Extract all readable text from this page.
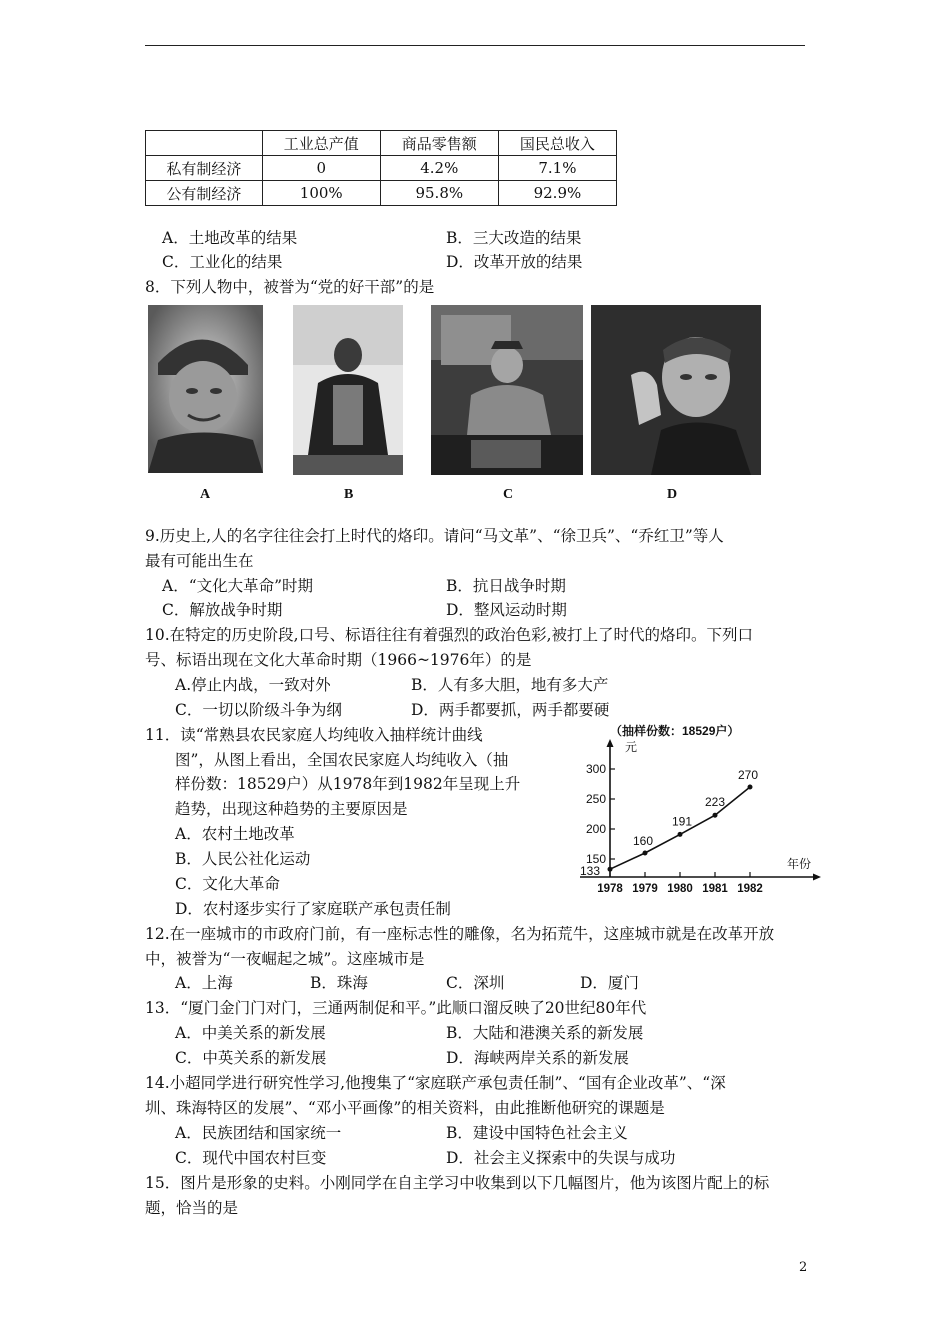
	工业总产值	商品零售额	国民总收入
私有制经济	0	4.2%	7.1%
公有制经济	100%	95.8%	92.9%
A．土地改革的结果	B．三大改造的结果
C．工业化的结果	D．改革开放的结果
8．下列人物中，被誉为“党的好干部”的是
A	B	C	D
9.历史上,人的名字往往会打上时代的烙印。请问“马文革”、“徐卫兵”、“乔红卫”等人
最有可能出生在
A．“文化大革命”时期	B．抗日战争时期
C．解放战争时期	D．整风运动时期
10.在特定的历史阶段,口号、标语往往有着强烈的政治色彩,被打上了时代的烙印。下列口
号、标语出现在文化大革命时期（1966~1976年）的是
A.停止内战，一致对外	B．人有多大胆，地有多大产
C．一切以阶级斗争为纲	D．两手都要抓，两手都要硬
11．读“常熟县农民家庭人均纯收入抽样统计曲线
图”，从图上看出，全国农民家庭人均纯收入（抽
样份数：18529户）从1978年到1982年呈现上升
趋势，出现这种趋势的主要原因是
A．农村土地改革
B．人民公社化运动
C．文化大革命
D．农村逐步实行了家庭联产承包责任制
（抽样份数：18529户）
元
年份
150
200
250
300
1978 1979 1980 1981 1982
133
160
191
223
270
12.在一座城市的市政府门前，有一座标志性的雕像，名为拓荒牛，这座城市就是在改革开放
中，被誉为“一夜崛起之城”。这座城市是
A．上海	B．珠海	C．深圳	D．厦门
13．“厦门金门门对门，三通两制促和平。”此顺口溜反映了20世纪80年代
A．中美关系的新发展	B．大陆和港澳关系的新发展
C．中英关系的新发展	D．海峡两岸关系的新发展
14.小超同学进行研究性学习,他搜集了“家庭联产承包责任制”、“国有企业改革”、“深
圳、珠海特区的发展”、“邓小平画像”的相关资料，由此推断他研究的课题是
A．民族团结和国家统一	B．建设中国特色社会主义
C．现代中国农村巨变	D．社会主义探索中的失误与成功
15．图片是形象的史料。小刚同学在自主学习中收集到以下几幅图片，他为该图片配上的标
题，恰当的是
2
